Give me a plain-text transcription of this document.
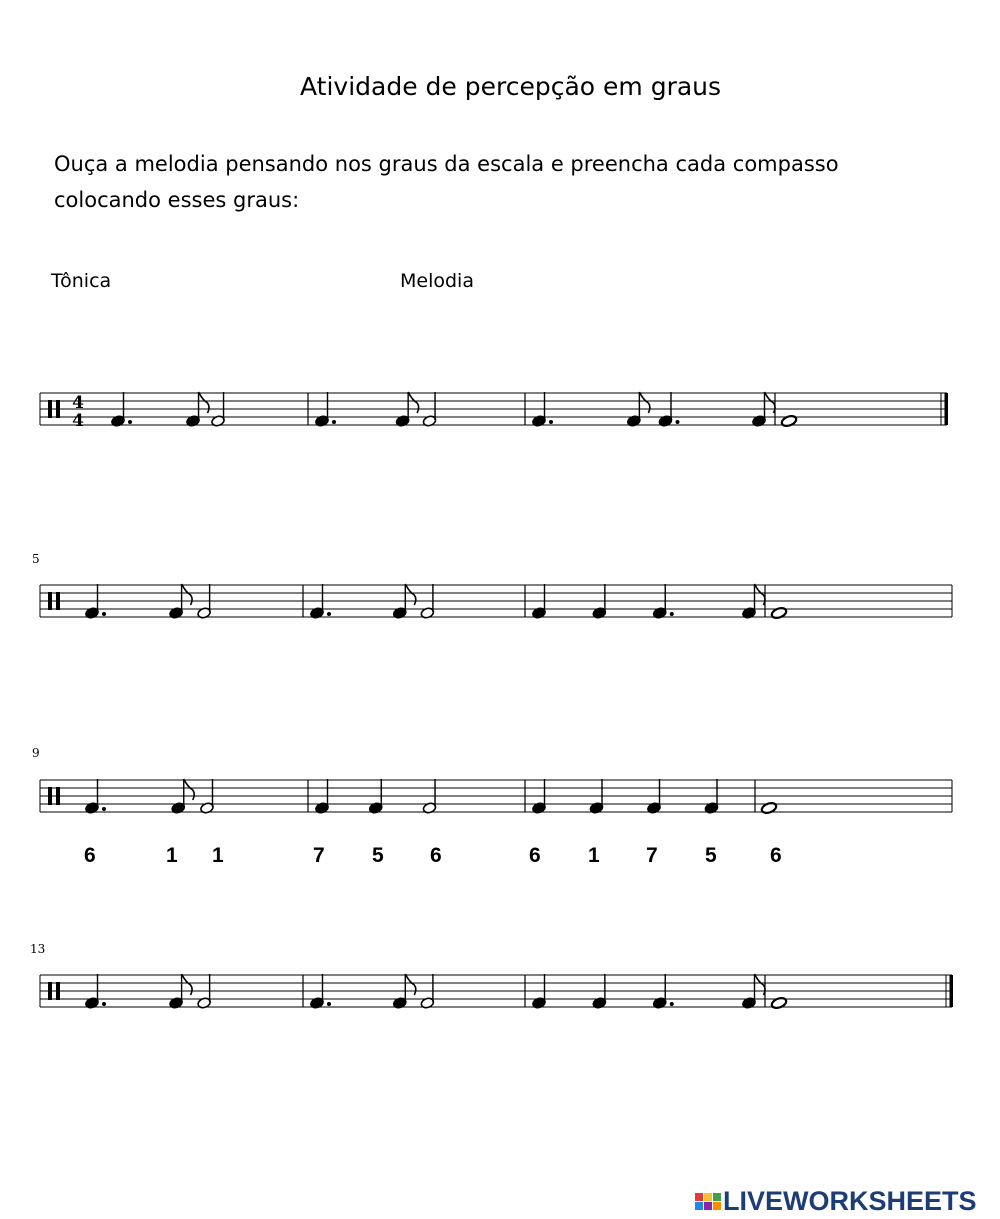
Atividade de percepção em graus
Ouça a melodia pensando nos graus da escala e preencha cada compasso
colocando esses graus:
Tônica	Melodia
5
9
13
4
4
6	1 1	7 5 6	6 1 7 5	6
LIVEWORKSHEETS
